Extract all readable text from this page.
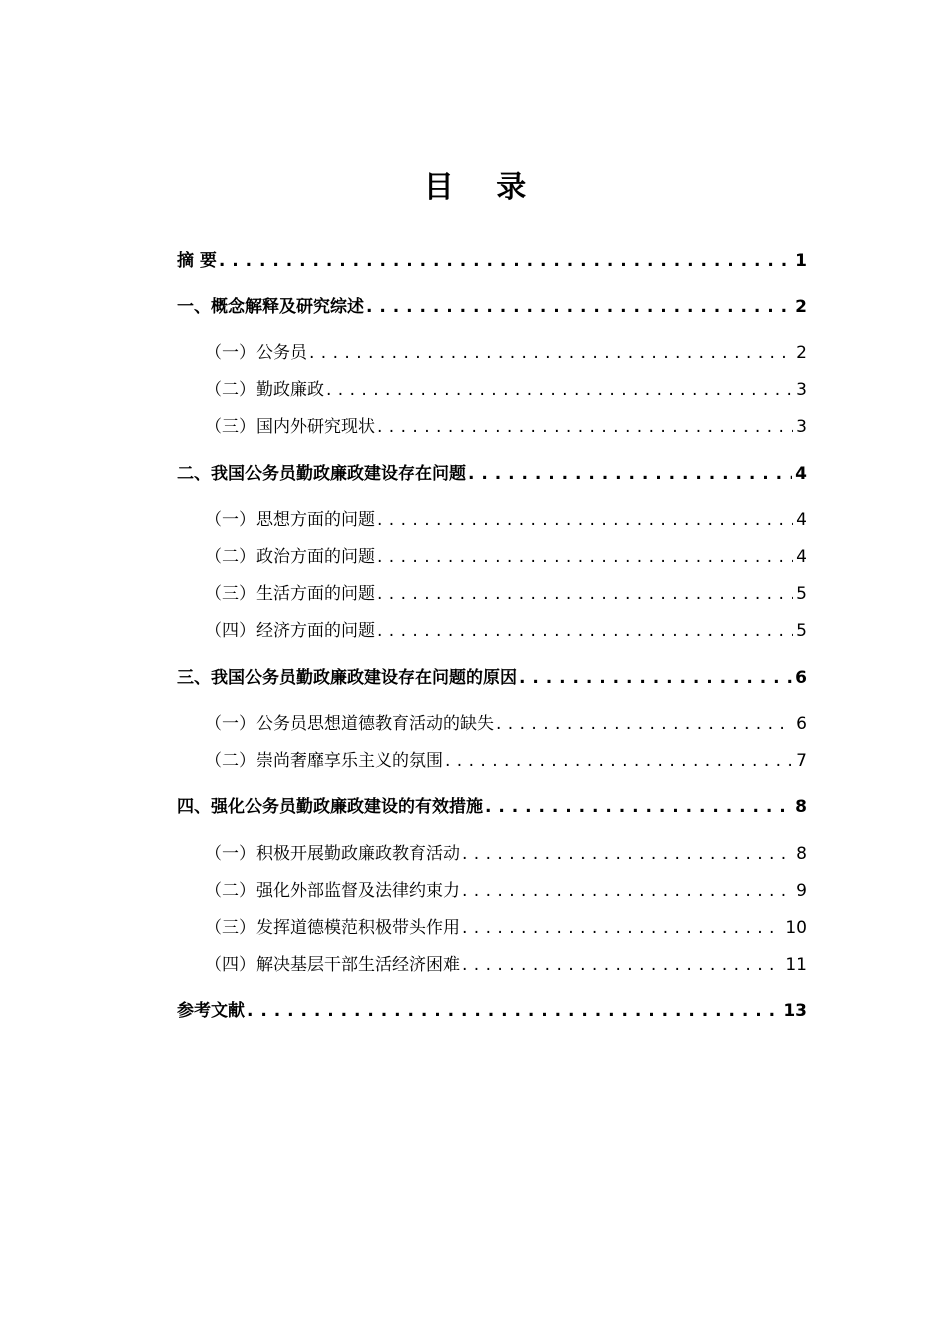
目 录
摘 要 . . .	1
一、概念解释及研究综述 . . .	2
（一）公务员 . . .	2
（二）勤政廉政 . . .	3
（三）国内外研究现状 . . .	3
二、我国公务员勤政廉政建设存在问题 . . .	4
（一）思想方面的问题 . . .	4
（二）政治方面的问题 . . .	4
（三）生活方面的问题 . . .	5
（四）经济方面的问题 . . .	5
三、我国公务员勤政廉政建设存在问题的原因 . . .	6
（一）公务员思想道德教育活动的缺失 . . .	6
（二）崇尚奢靡享乐主义的氛围 . . .	7
四、强化公务员勤政廉政建设的有效措施 . . .	8
（一）积极开展勤政廉政教育活动 . . .	8
（二）强化外部监督及法律约束力 . . .	9
（三）发挥道德模范积极带头作用 . . .	10
（四）解决基层干部生活经济困难 . . .	11
参考文献 . . .	13
